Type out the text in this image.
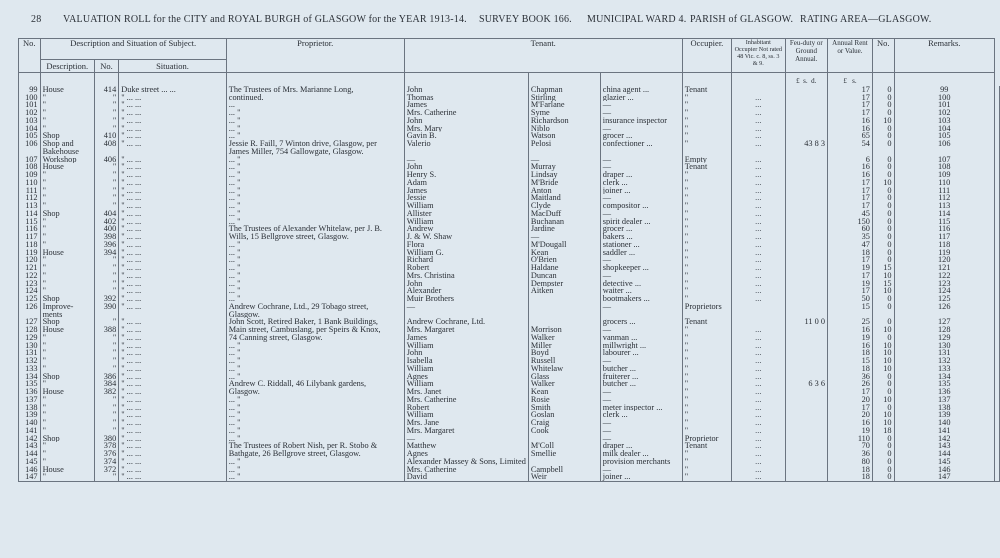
28 VALUATION ROLL for the CITY and ROYAL BURGH of GLASGOW for the YEAR 1913-14. SURVEY BOOK 166. MUNICIPAL WARD 4. PARISH of GLASGOW. RATING AREA—GLASGOW.
No.	Description and Situation of Subject.			Proprietor.	Tenant.			Occupier.	Inhabitant Occupier Not rated 48 Vic. c. 8, ss. 3 & 9.	Feu-duty or Ground Annual.	Annual Rent or Value.	No.	Remarks.	
	Description.	No.	Situation.											
										£ s. d.	£ s.			
99	House	414	Duke street ... ...	The Trustees of Mrs. Marianne Long,	John	Chapman	china agent ...	Tenant			17	0	99	
100	"	"	" ... ...	continued.	Thomas	Stirling	glazier ...	"	...		17	0	100	
101	"	"	" ... ...	...	James	M'Farlane	—	"	...		17	0	101	
102	"	"	" ... ...	... "	Mrs. Catherine	Syme	—	"	...		17	0	102	
103	"	"	" ... ...	... "	John	Richardson	insurance inspector	"	...		16	10	103	
104	"	"	" ... ...	... "	Mrs. Mary	Niblo	—	"	...		16	0	104	
105	Shop	410	" ... ...	... "	Gavin B.	Watson	grocer ...	"	...		65	0	105	
106	Shop and	408	" ... ...	Jessie R. Faill, 7 Winton drive, Glasgow, per	Valerio	Pelosi	confectioner ...	"	...	43 8 3	54	0	106	
	Bakehouse			James Miller, 754 Gallowgate, Glasgow.										
107	Workshop	406	" ... ...	... "	—	—	—	Empty	...		6	0	107	
108	House	"	" ... ...	... "	John	Murray	—	Tenant	...		16	0	108	
109	"	"	" ... ...	... "	Henry S.	Lindsay	draper ...	"	...		16	0	109	
110	"	"	" ... ...	... "	Adam	M'Bride	clerk ...	"	...		17	10	110	
111	"	"	" ... ...	... "	James	Anton	joiner ...	"	...		17	0	111	
112	"	"	" ... ...	... "	Jessie	Maitland	—	"	...		17	0	112	
113	"	"	" ... ...	... "	William	Clyde	compositor ...	"	...		17	0	113	
114	Shop	404	" ... ...	... "	Allister	MacDuff	—	"	...		45	0	114	
115	"	402	" ... ...	... "	William	Buchanan	spirit dealer ...	"	...		150	0	115	
116	"	400	" ... ...	The Trustees of Alexander Whitelaw, per J. B.	Andrew	Jardine	grocer ...	"	...		60	0	116	
117	"	398	" ... ...	Wills, 15 Bellgrove street, Glasgow.	J. & W. Shaw	—	bakers ...	"	...		35	0	117	
118	"	396	" ... ...	... "	Flora	M'Dougall	stationer ...	"	...		47	0	118	
119	House	394	" ... ...	... "	William G.	Kean	saddler ...	"	...		18	0	119	
120	"	"	" ... ...	... "	Richard	O'Brien	—	"	...		17	0	120	
121	"	"	" ... ...	... "	Robert	Haldane	shopkeeper ...	"	...		19	15	121	
122	"	"	" ... ...	... "	Mrs. Christina	Duncan	—	"	...		17	10	122	
123	"	"	" ... ...	... "	John	Dempster	detective ...	"	...		19	15	123	
124	"	"	" ... ...	... "	Alexander	Aitken	waiter ...	"	...		17	10	124	
125	Shop	392	" ... ...	... "	Muir Brothers		bootmakers ...	"	...		50	0	125	
126	Improve-	390	" ... ...	Andrew Cochrane, Ltd., 29 Tobago street,	—		—	Proprietors			15	0	126	
	ments			Glasgow.										
127	Shop	"	" ... ...	John Scott, Retired Baker, 1 Bank Buildings,	Andrew Cochrane, Ltd.		grocers ...	Tenant		11 0 0	25	0	127	
128	House	388	" ... ...	Main street, Cambuslang, per Speirs & Knox,	Mrs. Margaret	Morrison	—	"	...		16	10	128	
129	"	"	" ... ...	74 Canning street, Glasgow.	James	Walker	vanman ...	"	...		19	0	129	
130	"	"	" ... ...	... "	William	Miller	millwright ...	"	...		16	10	130	
131	"	"	" ... ...	... "	John	Boyd	labourer ...	"	...		18	10	131	
132	"	"	" ... ...	... "	Isabella	Russell	—	"	...		15	10	132	
133	"	"	" ... ...	... "	William	Whitelaw	butcher ...	"	...		18	10	133	
134	Shop	386	" ... ...	... "	Agnes	Glass	fruiterer ...	"	...		36	0	134	
135	"	384	" ... ...	Andrew C. Riddall, 46 Lilybank gardens,	William	Walker	butcher ...	"	...	6 3 6	26	0	135	
136	House	382	" ... ...	Glasgow.	Mrs. Janet	Kean	—	"	...		17	0	136	
137	"	"	" ... ...	... "	Mrs. Catherine	Rosie	—	"	...		20	10	137	
138	"	"	" ... ...	... "	Robert	Smith	meter inspector ...	"	...		17	0	138	
139	"	"	" ... ...	... "	William	Goslan	clerk ...	"	...		20	10	139	
140	"	"	" ... ...	... "	Mrs. Jane	Craig	—	"	...		16	10	140	
141	"	"	" ... ...	... "	Mrs. Margaret	Cook	—	"	...		19	18	141	
142	Shop	380	" ... ...	... "	—		—	Proprietor	...		110	0	142	
143	"	378	" ... ...	The Trustees of Robert Nish, per R. Stobo &	Matthew	M'Coll	draper ...	Tenant	...		70	0	143	
144	"	376	" ... ...	Bathgate, 26 Bellgrove street, Glasgow.	Agnes	Smellie	milk dealer ...	"	...		36	0	144	
145	"	374	" ... ...	... "	Alexander Massey & Sons, Limited		provision merchants	"	...		80	0	145	
146	House	372	" ... ...	... "	Mrs. Catherine	Campbell	—	"	...		18	0	146	
147	"	"	" ... ...	... "	David	Weir	joiner ...	"	...		18	0	147	
